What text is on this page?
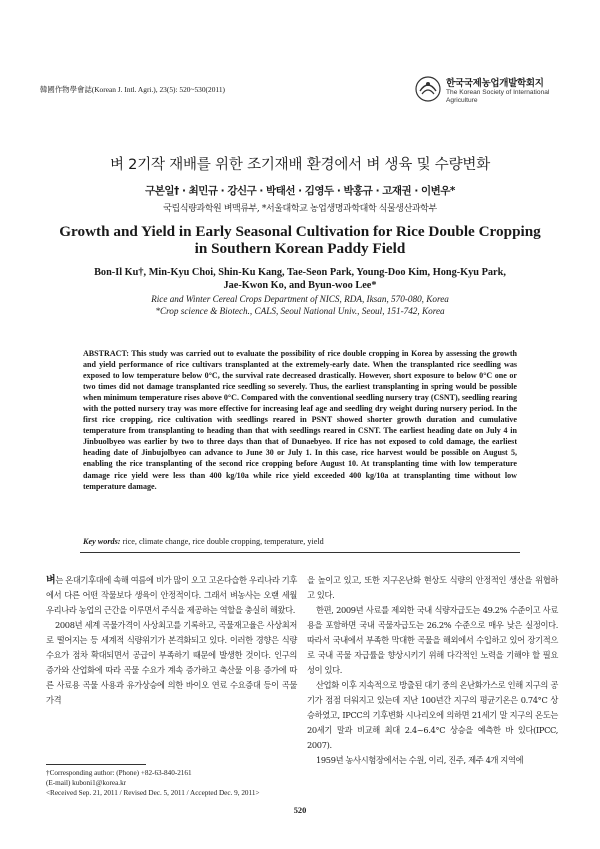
韓國作物學會誌(Korean J. Intl. Agri.), 23(5): 520~530(2011)
한국국제농업개발학회지
The Korean Society of International
Agriculture
벼 2기작 재배를 위한 조기재배 환경에서 벼 생육 및 수량변화
구본일† · 최민규 · 강신구 · 박태선 · 김영두 · 박홍규 · 고재권 · 이변우*
국립식량과학원 벼맥류부, *서울대학교 농업생명과학대학 식물생산과학부
Growth and Yield in Early Seasonal Cultivation for Rice Double Cropping
in Southern Korean Paddy Field
Bon-Il Ku†, Min-Kyu Choi, Shin-Ku Kang, Tae-Seon Park, Young-Doo Kim, Hong-Kyu Park,
Jae-Kwon Ko, and Byun-woo Lee*
Rice and Winter Cereal Crops Department of NICS, RDA, Iksan, 570-080, Korea
*Crop science & Biotech., CALS, Seoul National Univ., Seoul, 151-742, Korea
ABSTRACT: This study was carried out to evaluate the possibility of rice double cropping in Korea by assessing the growth and yield performance of rice cultivars transplanted at the extremely-early date. When the transplanted rice seedling was exposed to low temperature below 0°C, the survival rate decreased drastically. However, short exposure to below 0°C one or two times did not damage transplanted rice seedling so severely. Thus, the earliest transplanting in spring would be possible when minimum temperature rises above 0°C. Compared with the conventional seedling nursery tray (CSNT), seedling rearing with the potted nursery tray was more effective for increasing leaf age and seedling dry weight during nursery period. In the first rice cropping, rice cultivation with seedlings reared in PSNT showed shorter growth duration and cumulative temperature from transplanting to heading than that with seedlings reared in CSNT. The earliest heading date on July 4 in Jinbuolbyeo was earlier by two to three days than that of Dunaebyeo. If rice has not exposed to cold damage, the earliest heading date of Jinbujolbyeo can advance to June 30 or July 1. In this case, rice harvest would be possible on August 5, enabling the rice transplanting of the second rice cropping before August 10. At transplanting time with low temperature damage rice yield were less than 400 kg/10a while rice yield exceeded 400 kg/10a at transplanting time without low temperature damage.
Key words: rice, climate change, rice double cropping, temperature, yield

벼는 온대기후대에 속해 여름에 비가 많이 오고 고온다습한 우리나라 기후에서 다른 어떤 작물보다 생육이 안정적이다. 그래서 벼농사는 오랜 세월 우리나라 농업의 근간을 이루면서 주식을 제공하는 역할을 충실히 해왔다.

2008년 세계 곡물가격이 사상최고를 기록하고, 곡물재고율은 사상최저로 떨어지는 등 세계적 식량위기가 본격화되고 있다. 이러한 경향은 식량수요가 점차 확대되면서 공급이 부족하기 때문에 발생한 것이다. 인구의 증가와 산업화에 따라 곡물 수요가 계속 증가하고 축산물 이용 증가에 따른 사료용 곡물 사용과 유가상승에 의한 바이오 연료 수요증대 등이 곡물 가격

을 높이고 있고, 또한 지구온난화 현상도 식량의 안정적인 생산을 위협하고 있다.

한편, 2009년 사료를 제외한 국내 식량자급도는 49.2% 수준이고 사료용을 포함하면 국내 곡물자급도는 26.2% 수준으로 매우 낮은 실정이다. 따라서 국내에서 부족한 막대한 곡물을 해외에서 수입하고 있어 장기적으로 국내 곡물 자급률을 향상시키기 위해 다각적인 노력을 기해야 할 필요성이 있다.

산업화 이후 지속적으로 방출된 대기 중의 온난화가스로 인해 지구의 공기가 점점 더워지고 있는데 지난 100년간 지구의 평균기온은 0.74°C 상승하였고, IPCC의 기후변화 시나리오에 의하면 21세기 말 지구의 온도는 20세기 말과 비교해 최대 2.4~6.4°C 상승을 예측한 바 있다(IPCC, 2007).

1959년 농사시험장에서는 수원, 이리, 진주, 제주 4개 지역에

†Corresponding author: (Phone) +82-63-840-2161
(E-mail) kuboni1@korea.kr
<Received Sep. 21, 2011 / Revised Dec. 5, 2011 / Accepted Dec. 9, 2011>
520
